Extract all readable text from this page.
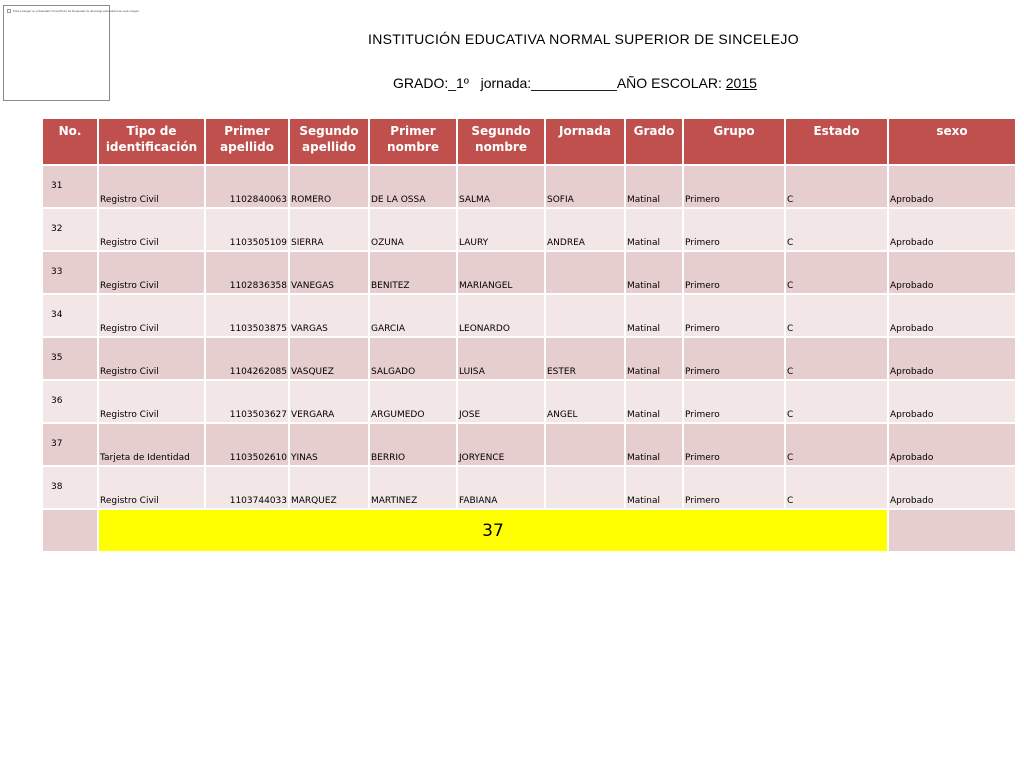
Para proteger su privacidad, PowerPoint ha bloqueado la descarga automática de esta imagen.
INSTITUCIÓN EDUCATIVA NORMAL SUPERIOR DE SINCELEJO
GRADO:_1º jornada:___________AÑO ESCOLAR: 2015
No.	Tipo de identificación	Primer apellido	Segundo apellido	Primer nombre	Segundo nombre	Jornada	Grado	Grupo	Estado	sexo
31	Registro Civil	1102840063	ROMERO	DE LA OSSA	SALMA	SOFIA	Matinal	Primero	C	Aprobado
32	Registro Civil	1103505109	SIERRA	OZUNA	LAURY	ANDREA	Matinal	Primero	C	Aprobado
33	Registro Civil	1102836358	VANEGAS	BENITEZ	MARIANGEL		Matinal	Primero	C	Aprobado
34	Registro Civil	1103503875	VARGAS	GARCIA	LEONARDO		Matinal	Primero	C	Aprobado
35	Registro Civil	1104262085	VASQUEZ	SALGADO	LUISA	ESTER	Matinal	Primero	C	Aprobado
36	Registro Civil	1103503627	VERGARA	ARGUMEDO	JOSE	ANGEL	Matinal	Primero	C	Aprobado
37	Tarjeta de Identidad	1103502610	YINAS	BERRIO	JORYENCE		Matinal	Primero	C	Aprobado
38	Registro Civil	1103744033	MARQUEZ	MARTINEZ	FABIANA		Matinal	Primero	C	Aprobado
	37									
